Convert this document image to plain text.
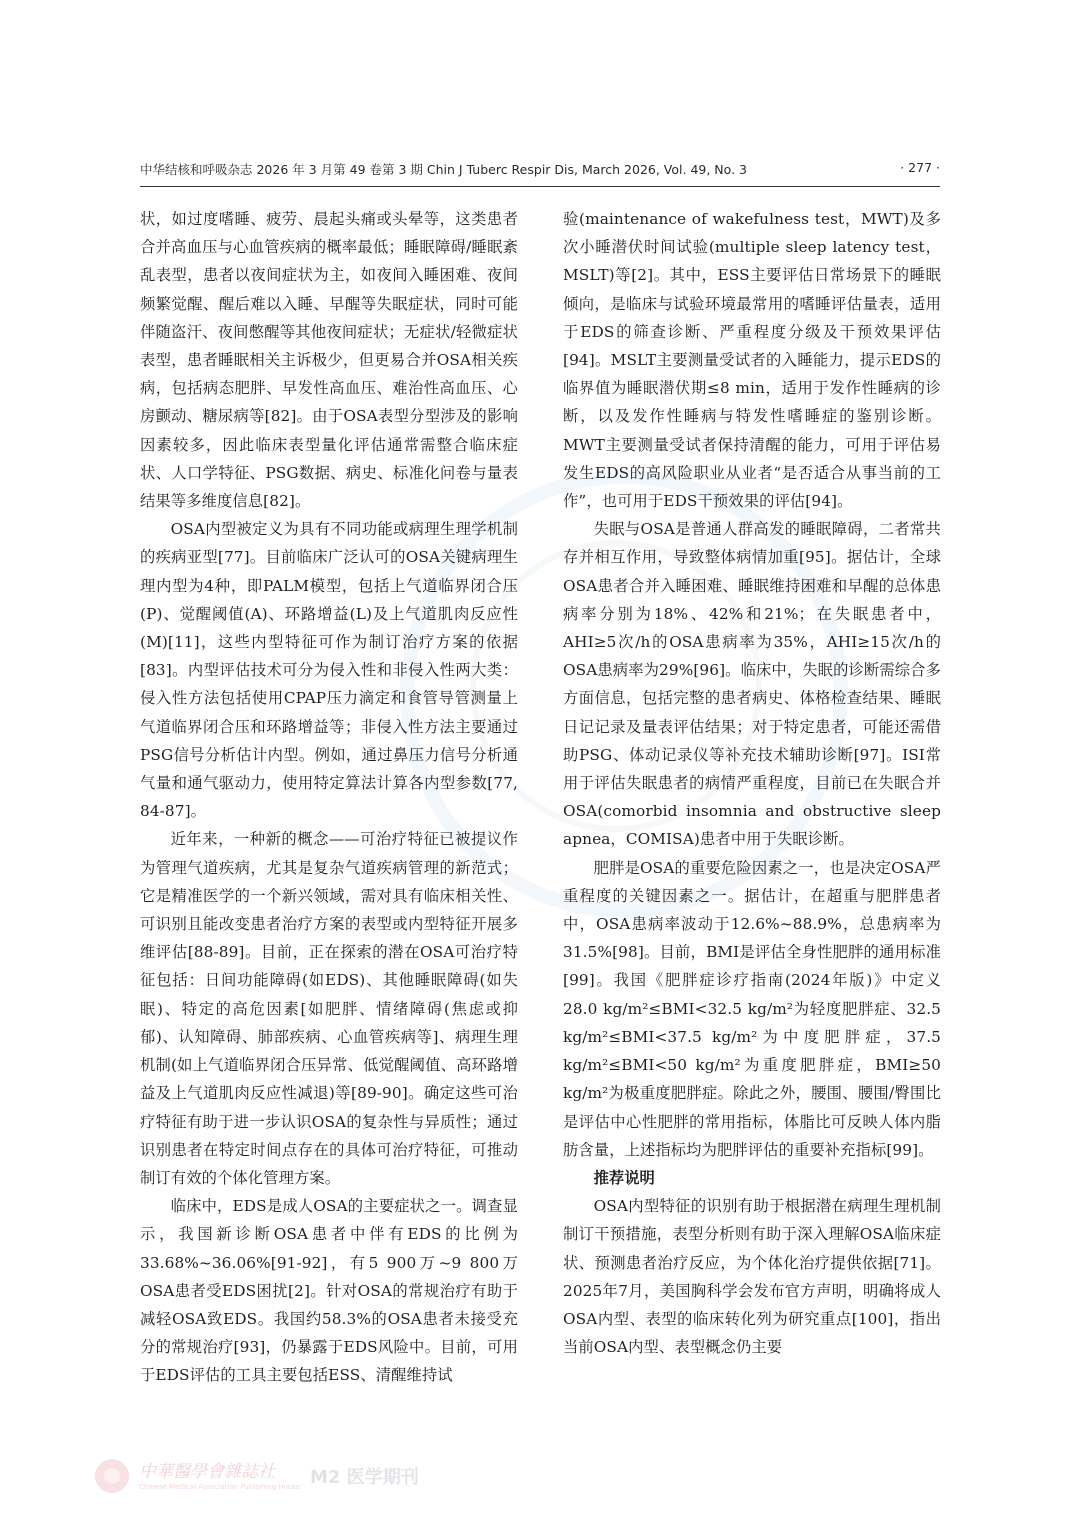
中华结核和呼吸杂志 2026 年 3 月第 49 卷第 3 期 Chin J Tuberc Respir Dis, March 2026, Vol. 49, No. 3	· 277 ·

状，如过度嗜睡、疲劳、晨起头痛或头晕等，这类患者合并高血压与心血管疾病的概率最低；睡眠障碍/睡眠紊乱表型，患者以夜间症状为主，如夜间入睡困难、夜间频繁觉醒、醒后难以入睡、早醒等失眠症状，同时可能伴随盗汗、夜间憋醒等其他夜间症状；无症状/轻微症状表型，患者睡眠相关主诉极少，但更易合并OSA相关疾病，包括病态肥胖、早发性高血压、难治性高血压、心房颤动、糖尿病等[82]。由于OSA表型分型涉及的影响因素较多，因此临床表型量化评估通常需整合临床症状、人口学特征、PSG数据、病史、标准化问卷与量表结果等多维度信息[82]。

OSA内型被定义为具有不同功能或病理生理学机制的疾病亚型[77]。目前临床广泛认可的OSA关键病理生理内型为4种，即PALM模型，包括上气道临界闭合压(P)、觉醒阈值(A)、环路增益(L)及上气道肌肉反应性(M)[11]，这些内型特征可作为制订治疗方案的依据[83]。内型评估技术可分为侵入性和非侵入性两大类：侵入性方法包括使用CPAP压力滴定和食管导管测量上气道临界闭合压和环路增益等；非侵入性方法主要通过PSG信号分析估计内型。例如，通过鼻压力信号分析通气量和通气驱动力，使用特定算法计算各内型参数[77, 84-87]。

近年来，一种新的概念——可治疗特征已被提议作为管理气道疾病，尤其是复杂气道疾病管理的新范式；它是精准医学的一个新兴领域，需对具有临床相关性、可识别且能改变患者治疗方案的表型或内型特征开展多维评估[88-89]。目前，正在探索的潜在OSA可治疗特征包括：日间功能障碍(如EDS)、其他睡眠障碍(如失眠)、特定的高危因素[如肥胖、情绪障碍(焦虑或抑郁)、认知障碍、肺部疾病、心血管疾病等]、病理生理机制(如上气道临界闭合压异常、低觉醒阈值、高环路增益及上气道肌肉反应性减退)等[89-90]。确定这些可治疗特征有助于进一步认识OSA的复杂性与异质性；通过识别患者在特定时间点存在的具体可治疗特征，可推动制订有效的个体化管理方案。

临床中，EDS是成人OSA的主要症状之一。调查显示，我国新诊断OSA患者中伴有EDS的比例为33.68%~36.06%[91-92]，有5 900万~9 800万OSA患者受EDS困扰[2]。针对OSA的常规治疗有助于减轻OSA致EDS。我国约58.3%的OSA患者未接受充分的常规治疗[93]，仍暴露于EDS风险中。目前，可用于EDS评估的工具主要包括ESS、清醒维持试

验(maintenance of wakefulness test，MWT)及多次小睡潜伏时间试验(multiple sleep latency test，MSLT)等[2]。其中，ESS主要评估日常场景下的睡眠倾向，是临床与试验环境最常用的嗜睡评估量表，适用于EDS的筛查诊断、严重程度分级及干预效果评估[94]。MSLT主要测量受试者的入睡能力，提示EDS的临界值为睡眠潜伏期≤8 min，适用于发作性睡病的诊断，以及发作性睡病与特发性嗜睡症的鉴别诊断。MWT主要测量受试者保持清醒的能力，可用于评估易发生EDS的高风险职业从业者“是否适合从事当前的工作”，也可用于EDS干预效果的评估[94]。

失眠与OSA是普通人群高发的睡眠障碍，二者常共存并相互作用，导致整体病情加重[95]。据估计，全球OSA患者合并入睡困难、睡眠维持困难和早醒的总体患病率分别为18%、42%和21%；在失眠患者中，AHI≥5次/h的OSA患病率为35%，AHI≥15次/h的OSA患病率为29%[96]。临床中，失眠的诊断需综合多方面信息，包括完整的患者病史、体格检查结果、睡眠日记记录及量表评估结果；对于特定患者，可能还需借助PSG、体动记录仪等补充技术辅助诊断[97]。ISI常用于评估失眠患者的病情严重程度，目前已在失眠合并OSA(comorbid insomnia and obstructive sleep apnea，COMISA)患者中用于失眠诊断。

肥胖是OSA的重要危险因素之一，也是决定OSA严重程度的关键因素之一。据估计，在超重与肥胖患者中，OSA患病率波动于12.6%~88.9%，总患病率为31.5%[98]。目前，BMI是评估全身性肥胖的通用标准[99]。我国《肥胖症诊疗指南(2024年版)》中定义28.0 kg/m²≤BMI<32.5 kg/m²为轻度肥胖症、32.5 kg/m²≤BMI<37.5 kg/m²为中度肥胖症，37.5 kg/m²≤BMI<50 kg/m²为重度肥胖症，BMI≥50 kg/m²为极重度肥胖症。除此之外，腰围、腰围/臀围比是评估中心性肥胖的常用指标，体脂比可反映人体内脂肪含量，上述指标均为肥胖评估的重要补充指标[99]。

推荐说明

OSA内型特征的识别有助于根据潜在病理生理机制制订干预措施，表型分析则有助于深入理解OSA临床症状、预测患者治疗反应，为个体化治疗提供依据[71]。2025年7月，美国胸科学会发布官方声明，明确将成人OSA内型、表型的临床转化列为研究重点[100]，指出当前OSA内型、表型概念仍主要

中華醫學會雜誌社
Chinese Medical Association Publishing House M2 医学期刊
